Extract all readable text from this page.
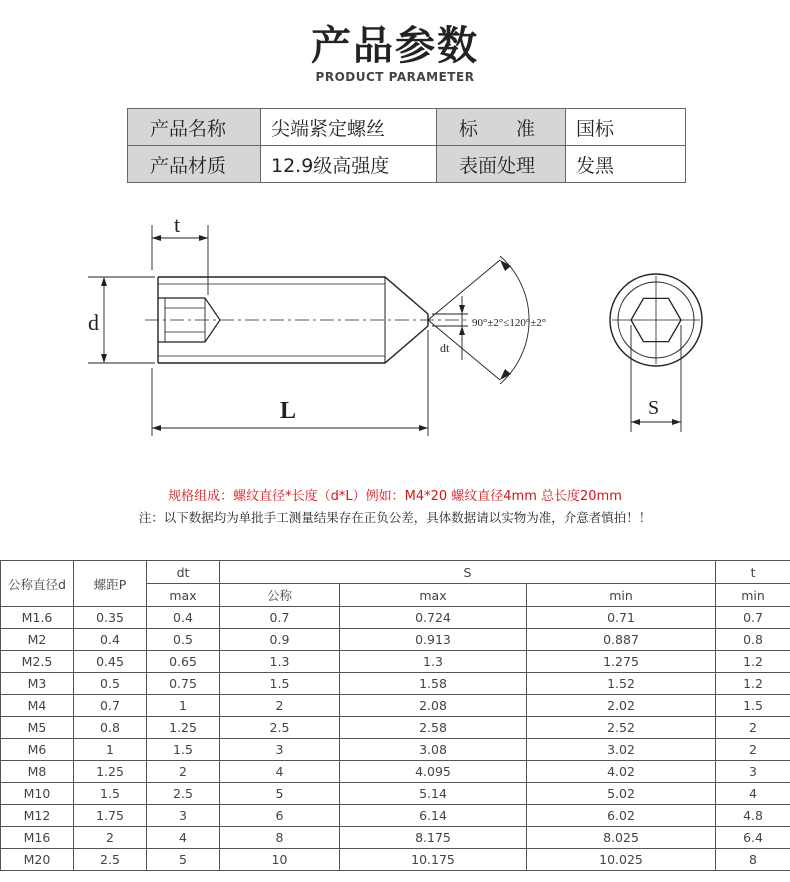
产品参数
PRODUCT PARAMETER
产品名称	尖端紧定螺丝	标　　准	国标
产品材质	12.9级高强度	表面处理	发黑
t
d
L
dt
S
90°±2°≤120°±2°
规格组成：螺纹直径*长度（d*L）例如：M4*20 螺纹直径4mm 总长度20mm
注：以下数据均为单批手工测量结果存在正负公差，具体数据请以实物为准，介意者慎拍！！
公称直径d	螺距P	dt	S			t
		max	公称	max	min	min
M1.6	0.35	0.4	0.7	0.724	0.71	0.7
M2	0.4	0.5	0.9	0.913	0.887	0.8
M2.5	0.45	0.65	1.3	1.3	1.275	1.2
M3	0.5	0.75	1.5	1.58	1.52	1.2
M4	0.7	1	2	2.08	2.02	1.5
M5	0.8	1.25	2.5	2.58	2.52	2
M6	1	1.5	3	3.08	3.02	2
M8	1.25	2	4	4.095	4.02	3
M10	1.5	2.5	5	5.14	5.02	4
M12	1.75	3	6	6.14	6.02	4.8
M16	2	4	8	8.175	8.025	6.4
M20	2.5	5	10	10.175	10.025	8
